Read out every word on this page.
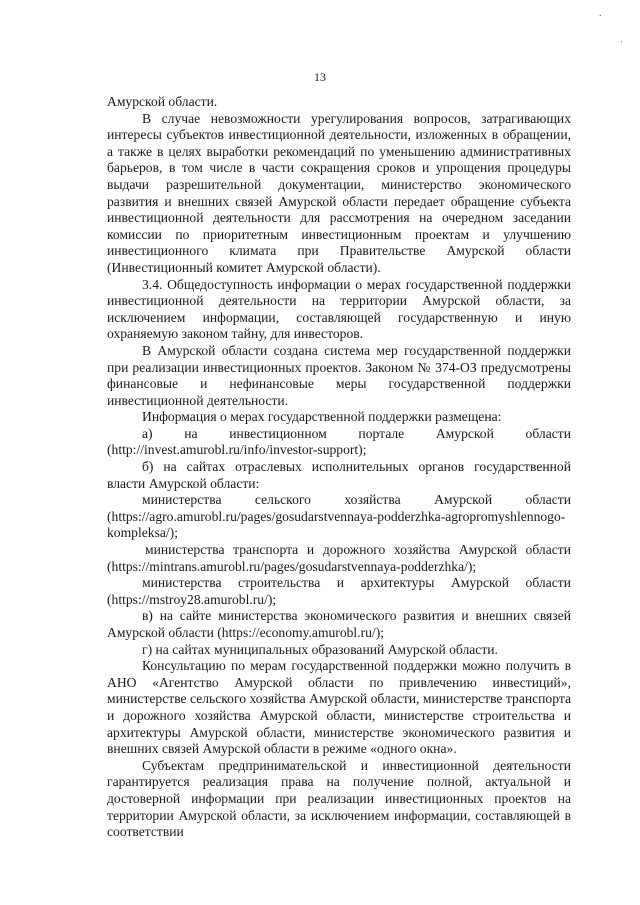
.
ˈ
13

Амурской области.

В случае невозможности урегулирования вопросов, затрагивающих интересы субъектов инвестиционной деятельности, изложенных в обращении, а также в целях выработки рекомендаций по уменьшению административных барьеров, в том числе в части сокращения сроков и упрощения процедуры выдачи разрешительной документации, министерство экономического развития и внешних связей Амурской области передает обращение субъекта инвестиционной деятельности для рассмотрения на очередном заседании комиссии по приоритетным инвестиционным проектам и улучшению инвестиционного климата при Правительстве Амурской области (Инвестиционный комитет Амурской области).

3.4. Общедоступность информации о мерах государственной поддержки инвестиционной деятельности на территории Амурской области, за исключением информации, составляющей государственную и иную охраняемую законом тайну, для инвесторов.

В Амурской области создана система мер государственной поддержки при реализации инвестиционных проектов. Законом № 374-ОЗ предусмотрены финансовые и нефинансовые меры государственной поддержки инвестиционной деятельности.

Информация о мерах государственной поддержки размещена:

а) на инвестиционном портале Амурской области (http://invest.amurobl.ru/info/investor-support);

б) на сайтах отраслевых исполнительных органов государственной власти Амурской области:

министерства сельского хозяйства Амурской области (https://agro.amurobl.ru/pages/gosudarstvennaya-podderzhka-agropromyshlennogo-kompleksa/);

министерства транспорта и дорожного хозяйства Амурской области (https://mintrans.amurobl.ru/pages/gosudarstvennaya-podderzhka/);

министерства строительства и архитектуры Амурской области (https://mstroy28.amurobl.ru/);

в) на сайте министерства экономического развития и внешних связей Амурской области (https://economy.amurobl.ru/);

г) на сайтах муниципальных образований Амурской области.

Консультацию по мерам государственной поддержки можно получить в АНО «Агентство Амурской области по привлечению инвестиций», министерстве сельского хозяйства Амурской области, министерстве транспорта и дорожного хозяйства Амурской области, министерстве строительства и архитектуры Амурской области, министерстве экономического развития и внешних связей Амурской области в режиме «одного окна».

Субъектам предпринимательской и инвестиционной деятельности гарантируется реализация права на получение полной, актуальной и достоверной информации при реализации инвестиционных проектов на территории Амурской области, за исключением информации, составляющей в соответствии
